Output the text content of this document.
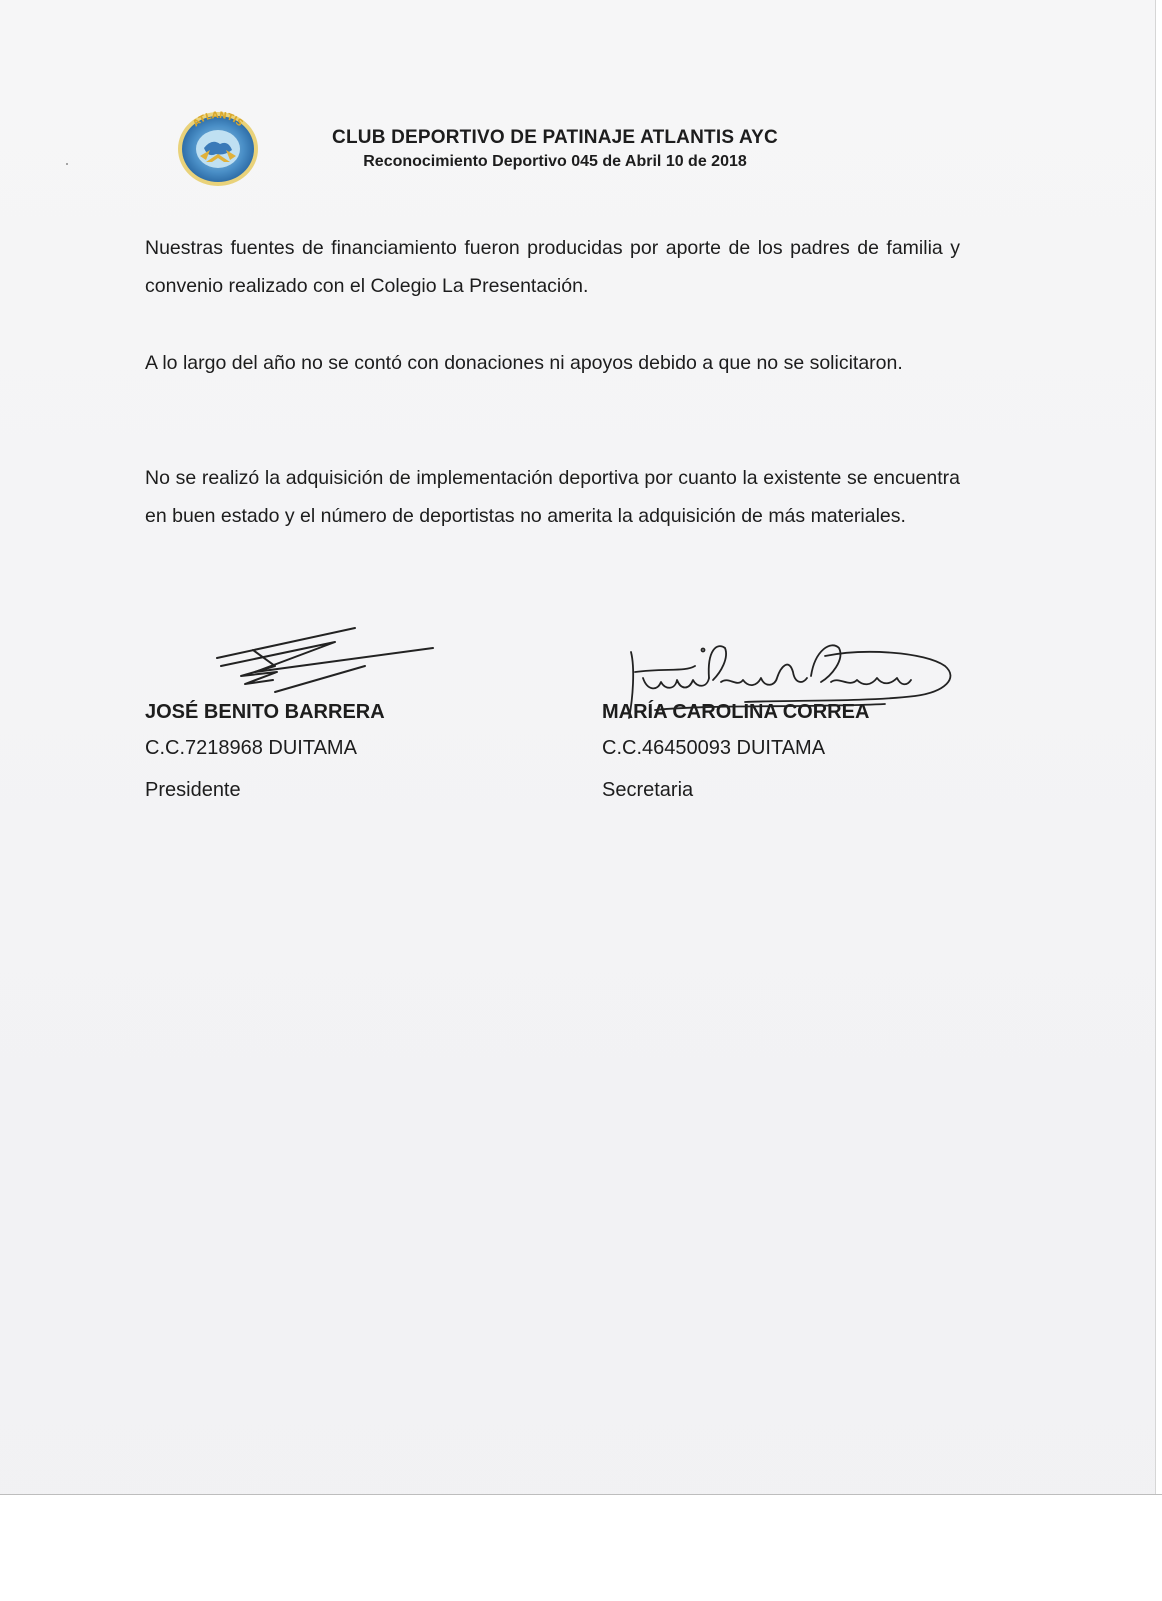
ATLANTIS
CLUB DEPORTIVO DE PATINAJE ATLANTIS AYC
Reconocimiento Deportivo 045 de Abril 10 de 2018
Nuestras fuentes de financiamiento fueron producidas por aporte de los padres de familia y convenio realizado con el Colegio La Presentación.
A lo largo del año no se contó con donaciones ni apoyos debido a que no se solicitaron.
No se realizó la adquisición de implementación deportiva por cuanto la existente se encuentra en buen estado y el número de deportistas no amerita la adquisición de más materiales.
JOSÉ BENITO BARRERA
C.C.7218968 DUITAMA
Presidente
MARÍA CAROLINA CORREA
C.C.46450093 DUITAMA
Secretaria
